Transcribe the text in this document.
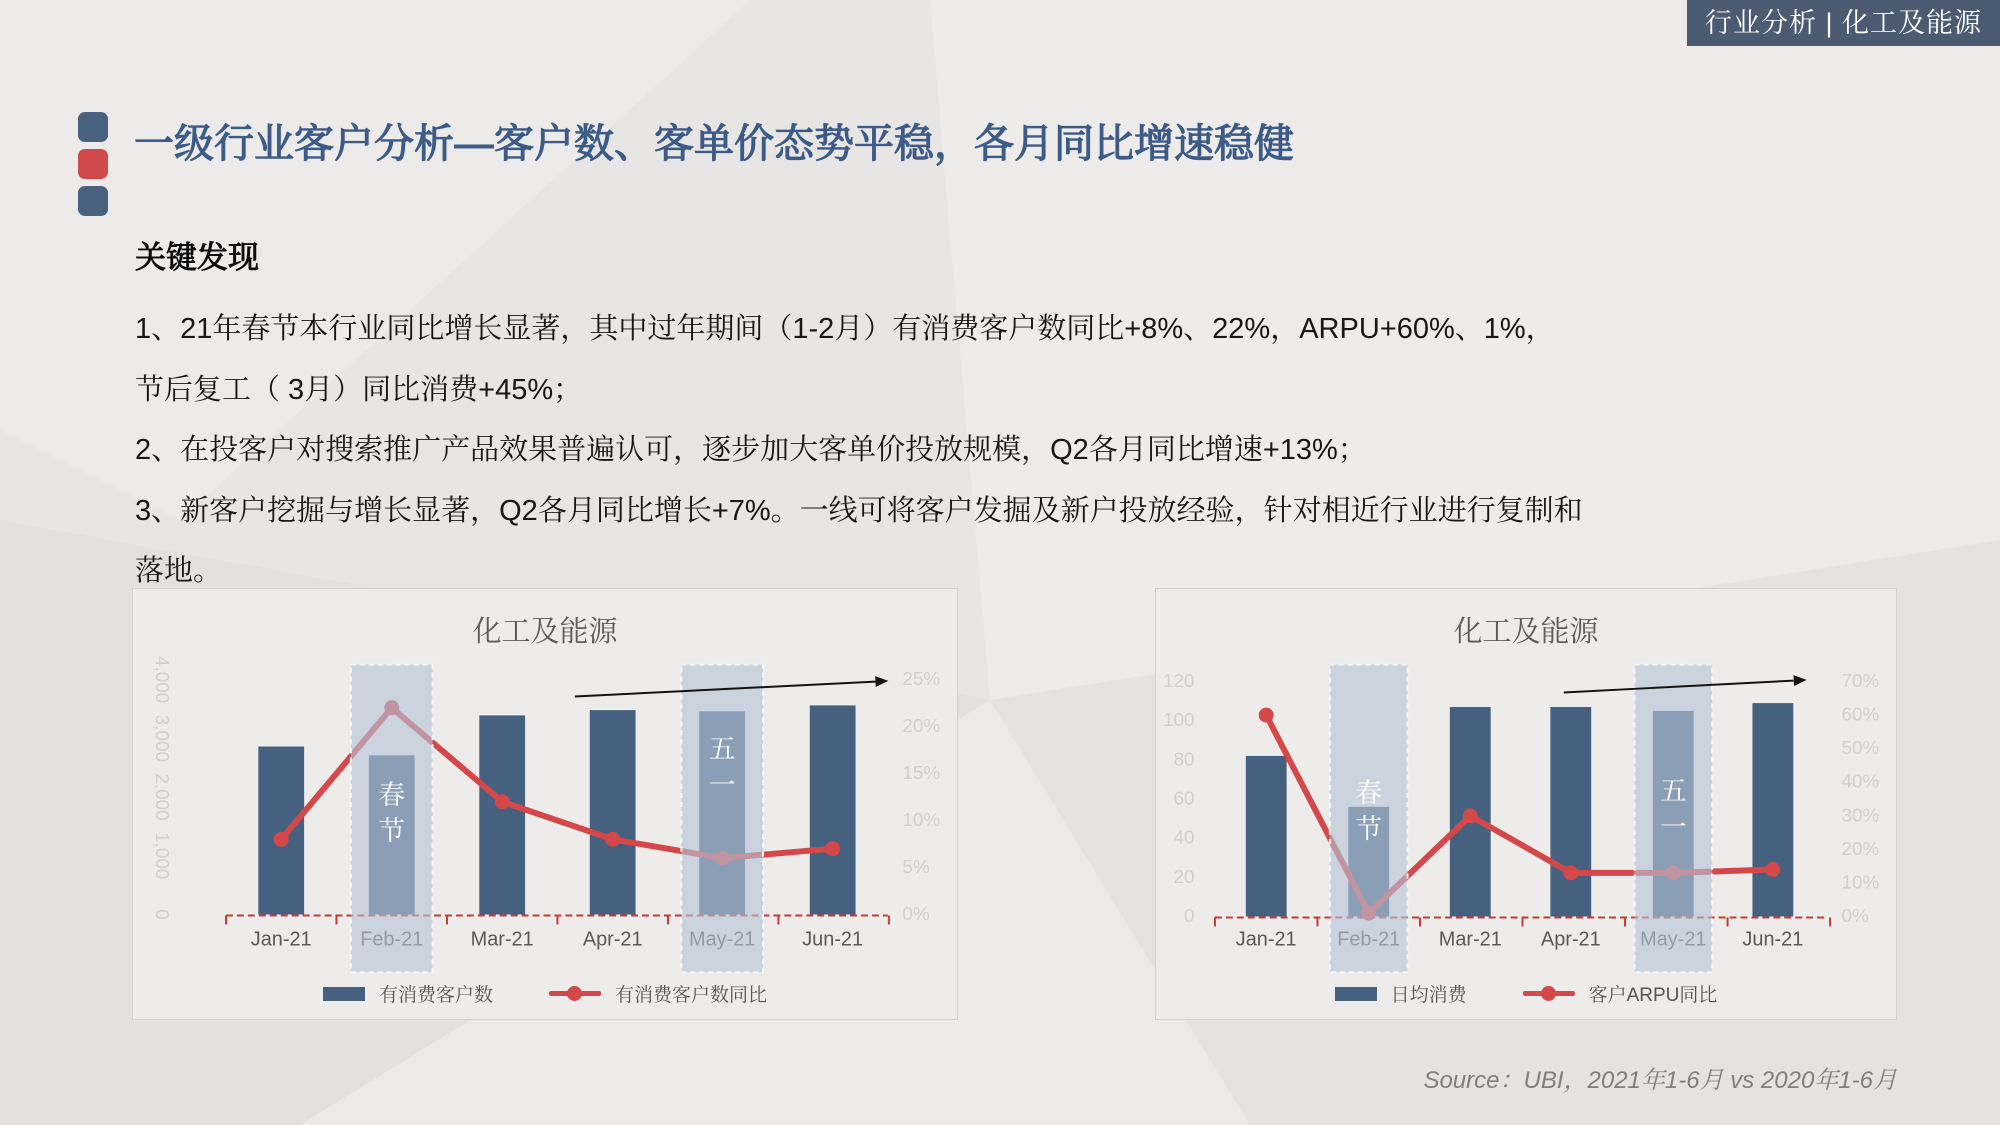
行业分析 | 化工及能源
一级行业客户分析—客户数、客单价态势平稳，各月同比增速稳健
关键发现
1、21年春节本行业同比增长显著，其中过年期间（1-2月）有消费客户数同比+8%、22%，ARPU+60%、1%，
节后复工（ 3月）同比消费+45%；
2、在投客户对搜索推广产品效果普遍认可，逐步加大客单价投放规模，Q2各月同比增速+13%；
3、新客户挖掘与增长显著，Q2各月同比增长+7%。一线可将客户发掘及新户投放经验，针对相近行业进行复制和
落地。
4,000
3,000
2,000
1,000
0
25%
20%
15%
10%
5%
0%
Jan-21	Mar-21 Apr-21	Jun-21
春
节
五
一
化工及能源
有消费客户数	有消费客户数同比
120
100
80
60
40
20
0
70%
60%
50%
40%
30%
20%
10%
0%
Jan-21	Mar-21 Apr-21	Jun-21
春
节
五
一
化工及能源
日均消费	客户ARPU同比
Source：UBI，2021年1-6月 vs 2020年1-6月
